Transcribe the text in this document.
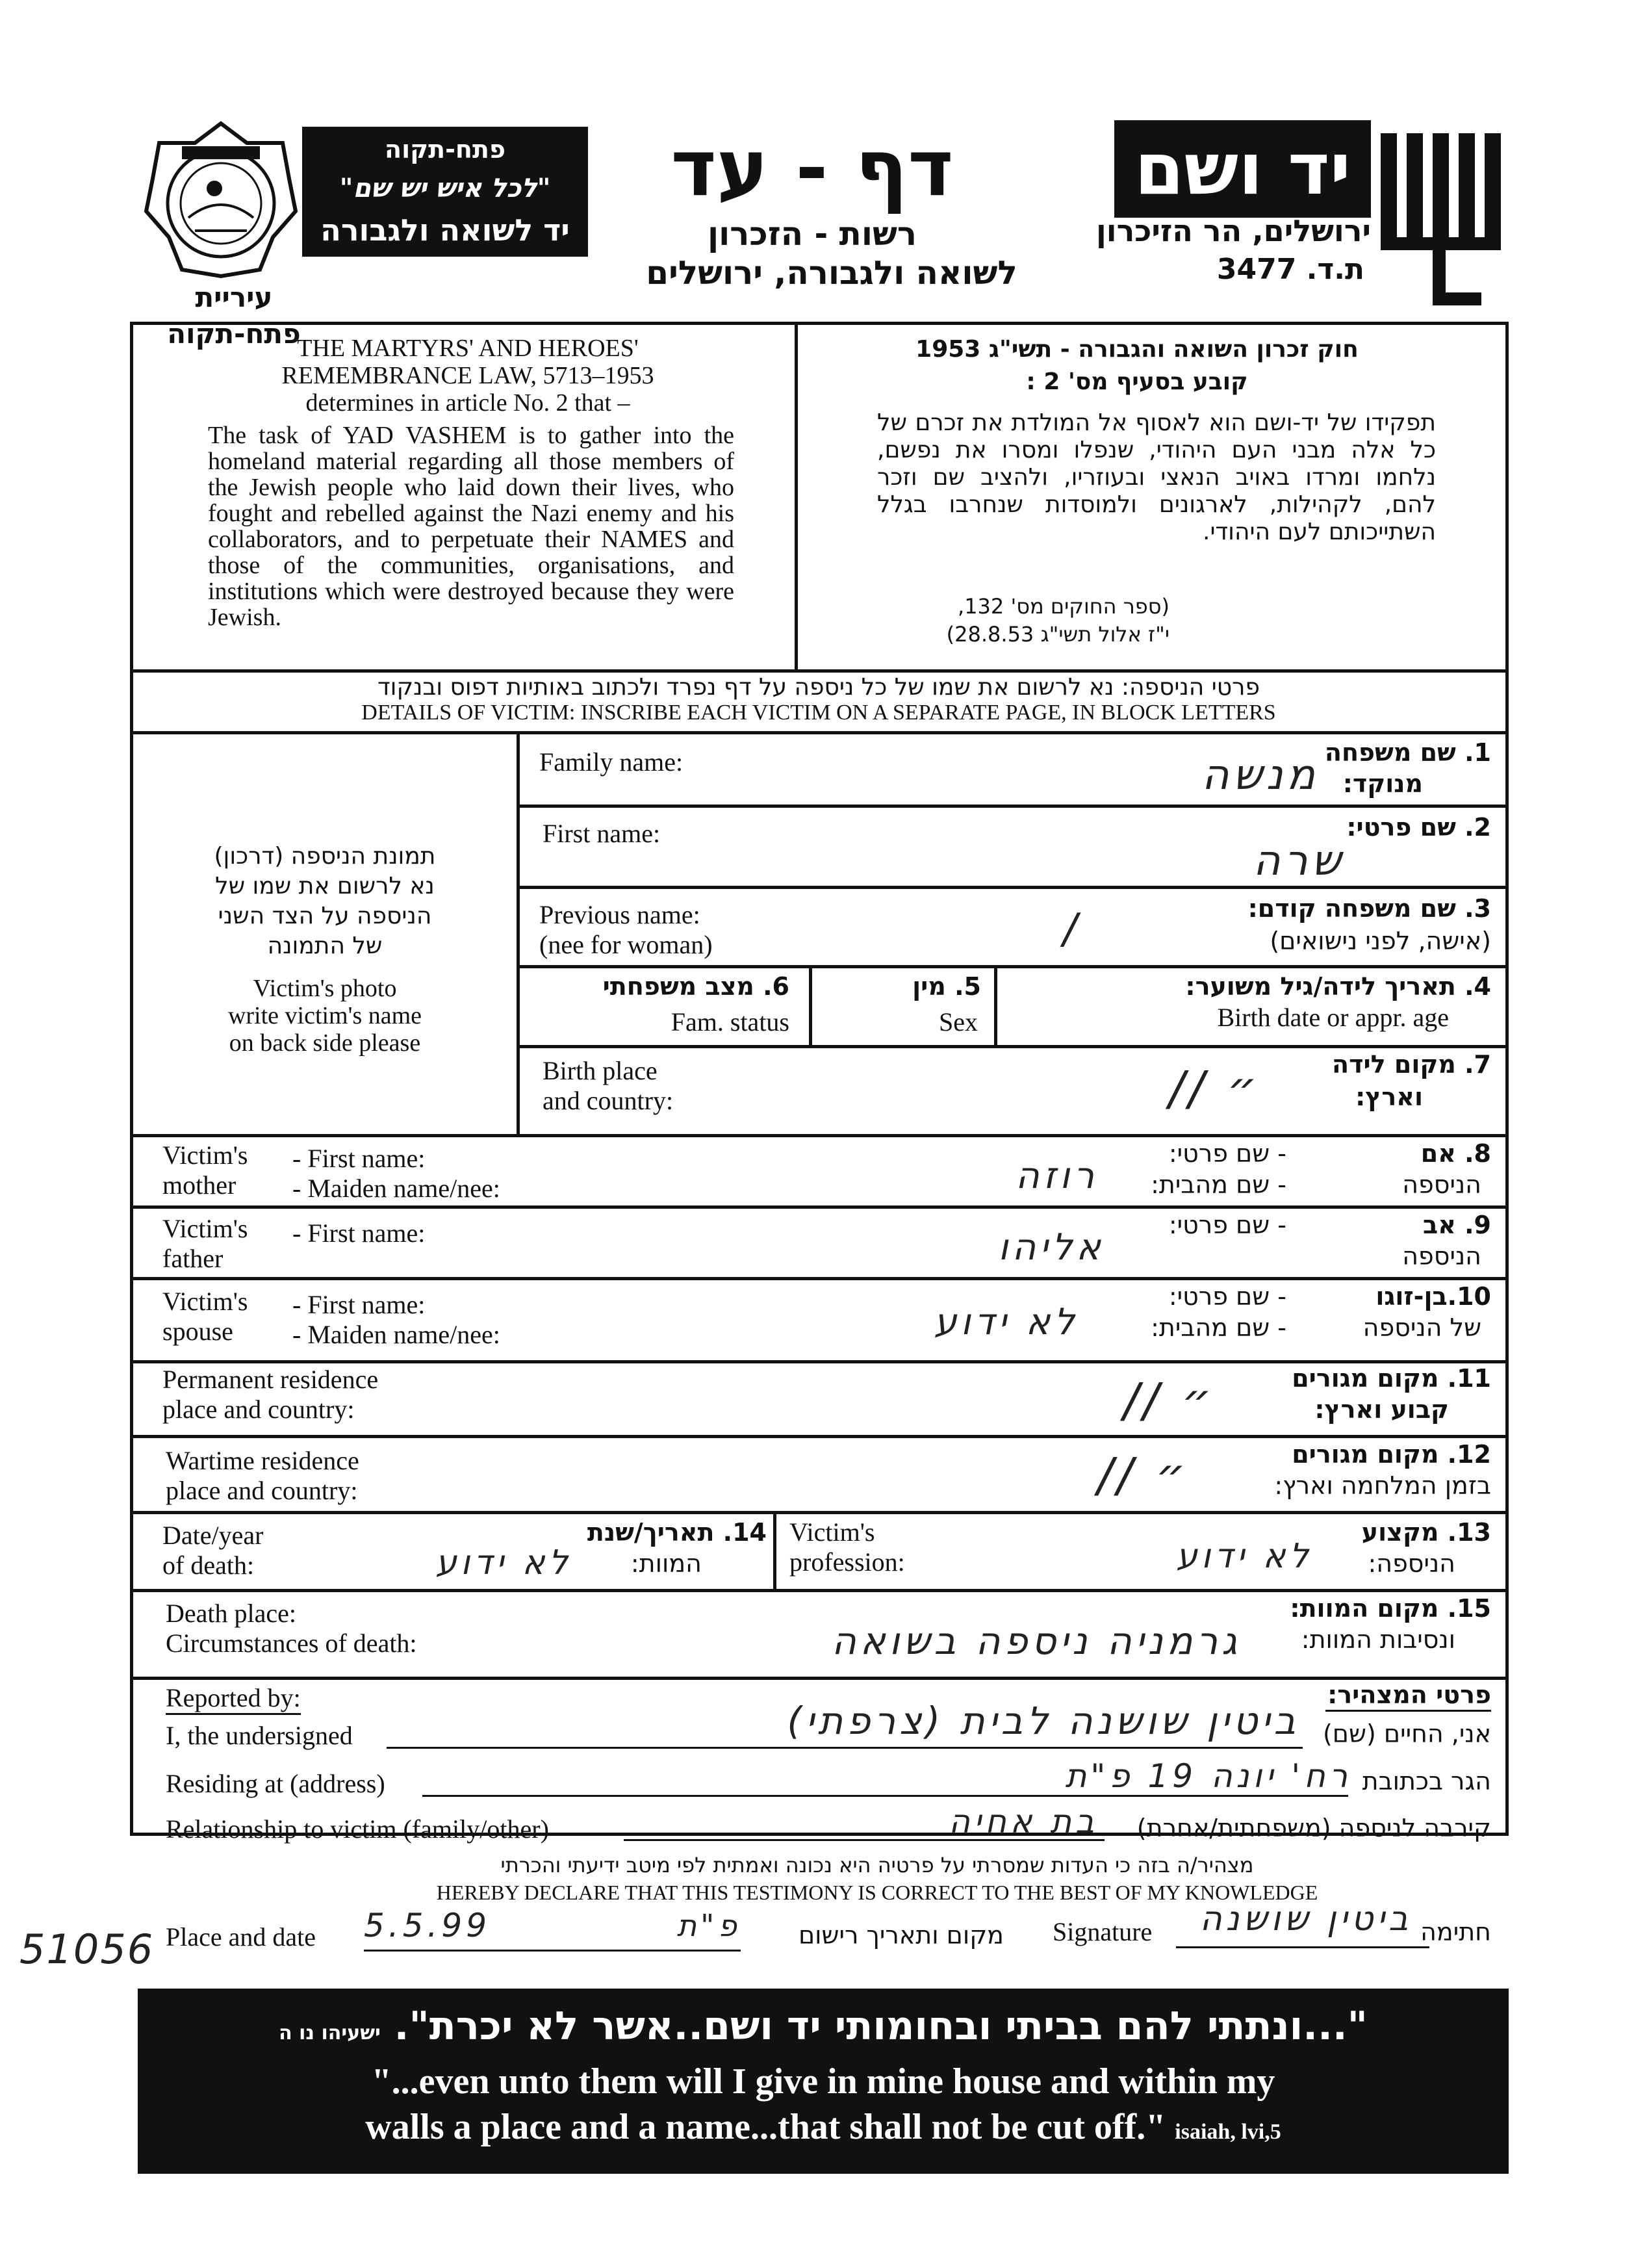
יד ושם
ירושלים, הר הזיכרון
ת.ד. 3477
דף - עד
רשות - הזכרון
לשואה ולגבורה, ירושלים
פתח-תקוה
"לכל איש יש שם"
יד לשואה ולגבורה
עיריית פתח-תקוה
THE MARTYRS' AND HEROES'
REMEMBRANCE LAW, 5713–1953
determines in article No. 2 that –
The task of YAD VASHEM is to gather into the homeland material regarding all those members of the Jewish people who laid down their lives, who fought and rebelled against the Nazi enemy and his collaborators, and to perpetuate their NAMES and those of the communities, organisations, and institutions which were destroyed because they were Jewish.
חוק זכרון השואה והגבורה - תשי"ג 1953
קובע בסעיף מס' 2 :
תפקידו של יד-ושם הוא לאסוף אל המולדת את זכרם של כל אלה מבני העם היהודי, שנפלו ומסרו את נפשם, נלחמו ומרדו באויב הנאצי ובעוזריו, ולהציב שם וזכר להם, לקהילות, לארגונים ולמוסדות שנחרבו בגלל השתייכותם לעם היהודי.
(ספר החוקים מס' 132,
י"ז אלול תשי"ג 28.8.53)
פרטי הניספה: נא לרשום את שמו של כל ניספה על דף נפרד ולכתוב באותיות דפוס ובנקוד
DETAILS OF VICTIM: INSCRIBE EACH VICTIM ON A SEPARATE PAGE, IN BLOCK LETTERS
תמונת הניספה (דרכון)
נא לרשום את שמו של
הניספה על הצד השני
של התמונה
Victim's photo
write victim's name
on back side please
Family name:	1. שם משפחה
מנוקד:
מנשה
First name:	2. שם פרטי:
שרה
Previous name:
(nee for woman)
3. שם משפחה קודם:
(אישה, לפני נישואים)
/
4. תאריך לידה/גיל משוער:
Birth date or appr. age
5. מין
Sex
6. מצב משפחתי
Fam. status
Birth place
and country:
7. מקום לידה
וארץ:
״ //
Victim's
mother
- First name:
- Maiden name/nee:
8. אם
הניספה
- שם פרטי:
- שם מהבית:
רוזה
Victim's
father
- First name:	9. אב
הניספה
- שם פרטי:
אליהו
Victim's
spouse
- First name:
- Maiden name/nee:
10.בן-זוגו
של הניספה
- שם פרטי:
- שם מהבית:
לא ידוע
Permanent residence
place and country:
11. מקום מגורים
קבוע וארץ:
״ //
Wartime residence
place and country:
12. מקום מגורים
בזמן המלחמה וארץ:
״ //
Date/year
of death:
14. תאריך/שנת
המוות:
לא ידוע
Victim's
profession:
13. מקצוע
הניספה:
לא ידוע
Death place:
Circumstances of death:
15. מקום המוות:
ונסיבות המוות:
גרמניה ניספה בשואה
פרטי המצהיר:
Reported by:
I, the undersigned	אני, החיים (שם)
ביטין שושנה לבית (צרפתי)
Residing at (address)	הגר בכתובת
רח' יונה 19 פ"ת
Relationship to victim (family/other)	קירבה לניספה (משפחתית/אחרת)
בת אחיה
מצהיר/ה בזה כי העדות שמסרתי על פרטיה היא נכונה ואמתית לפי מיטב ידיעתי והכרתי
HEREBY DECLARE THAT THIS TESTIMONY IS CORRECT TO THE BEST OF MY KNOWLEDGE
Place and date 5.5.99	פ"ת	מקום ותאריך רישום Signature	ביטין שושנה חתימה
"...ונתתי להם בביתי ובחומותי יד ושם..אשר לא יכרת". ישעיהו נו ה
"...even unto them will I give in mine house and within my
walls a place and a name...that shall not be cut off." isaiah, lvi,5
51056
